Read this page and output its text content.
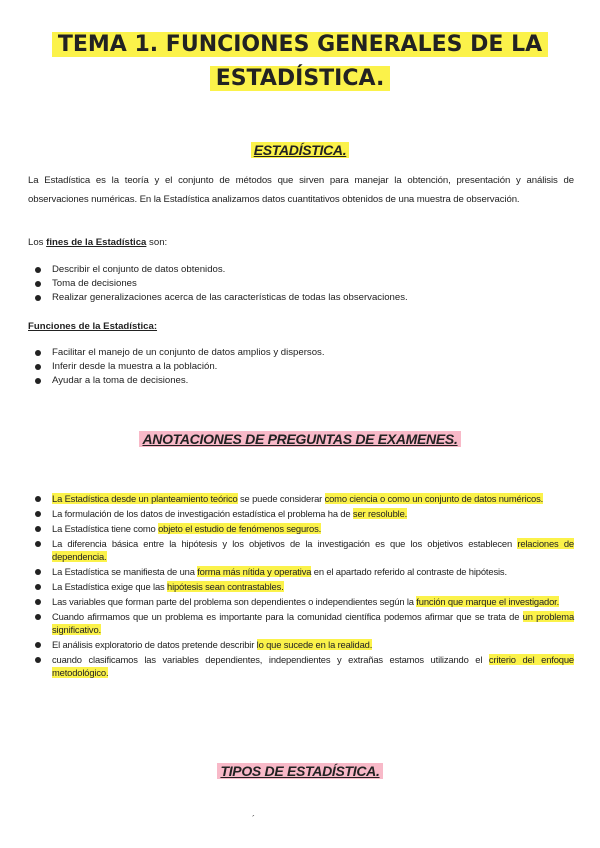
TEMA 1. FUNCIONES GENERALES DE LA
ESTADÍSTICA.
ESTADÍSTICA.
La Estadística es la teoría y el conjunto de métodos que sirven para manejar la obtención, presentación y análisis de observaciones numéricas. En la Estadística analizamos datos cuantitativos obtenidos de una muestra de observación.
Los fines de la Estadística son:
Describir el conjunto de datos obtenidos.
Toma de decisiones
Realizar generalizaciones acerca de las características de todas las observaciones.
Funciones de la Estadística:
Facilitar el manejo de un conjunto de datos amplios y dispersos.
Inferir desde la muestra a la población.
Ayudar a la toma de decisiones.
ANOTACIONES DE PREGUNTAS DE EXAMENES.
La Estadística desde un planteamiento teórico se puede considerar como ciencia o como un conjunto de datos numéricos.
La formulación de los datos de investigación estadística el problema ha de ser resoluble.
La Estadística tiene como objeto el estudio de fenómenos seguros.
La diferencia básica entre la hipótesis y los objetivos de la investigación es que los objetivos establecen relaciones de dependencia.
La Estadística se manifiesta de una forma más nítida y operativa en el apartado referido al contraste de hipótesis.
La Estadística exige que las hipótesis sean contrastables.
Las variables que forman parte del problema son dependientes o independientes según la función que marque el investigador.
Cuando afirmamos que un problema es importante para la comunidad científica podemos afirmar que se trata de un problema significativo.
El análisis exploratorio de datos pretende describir lo que sucede en la realidad.
cuando clasificamos las variables dependientes, independientes y extrañas estamos utilizando el criterio del enfoque metodológico.
TIPOS DE ESTADÍSTICA.
´
